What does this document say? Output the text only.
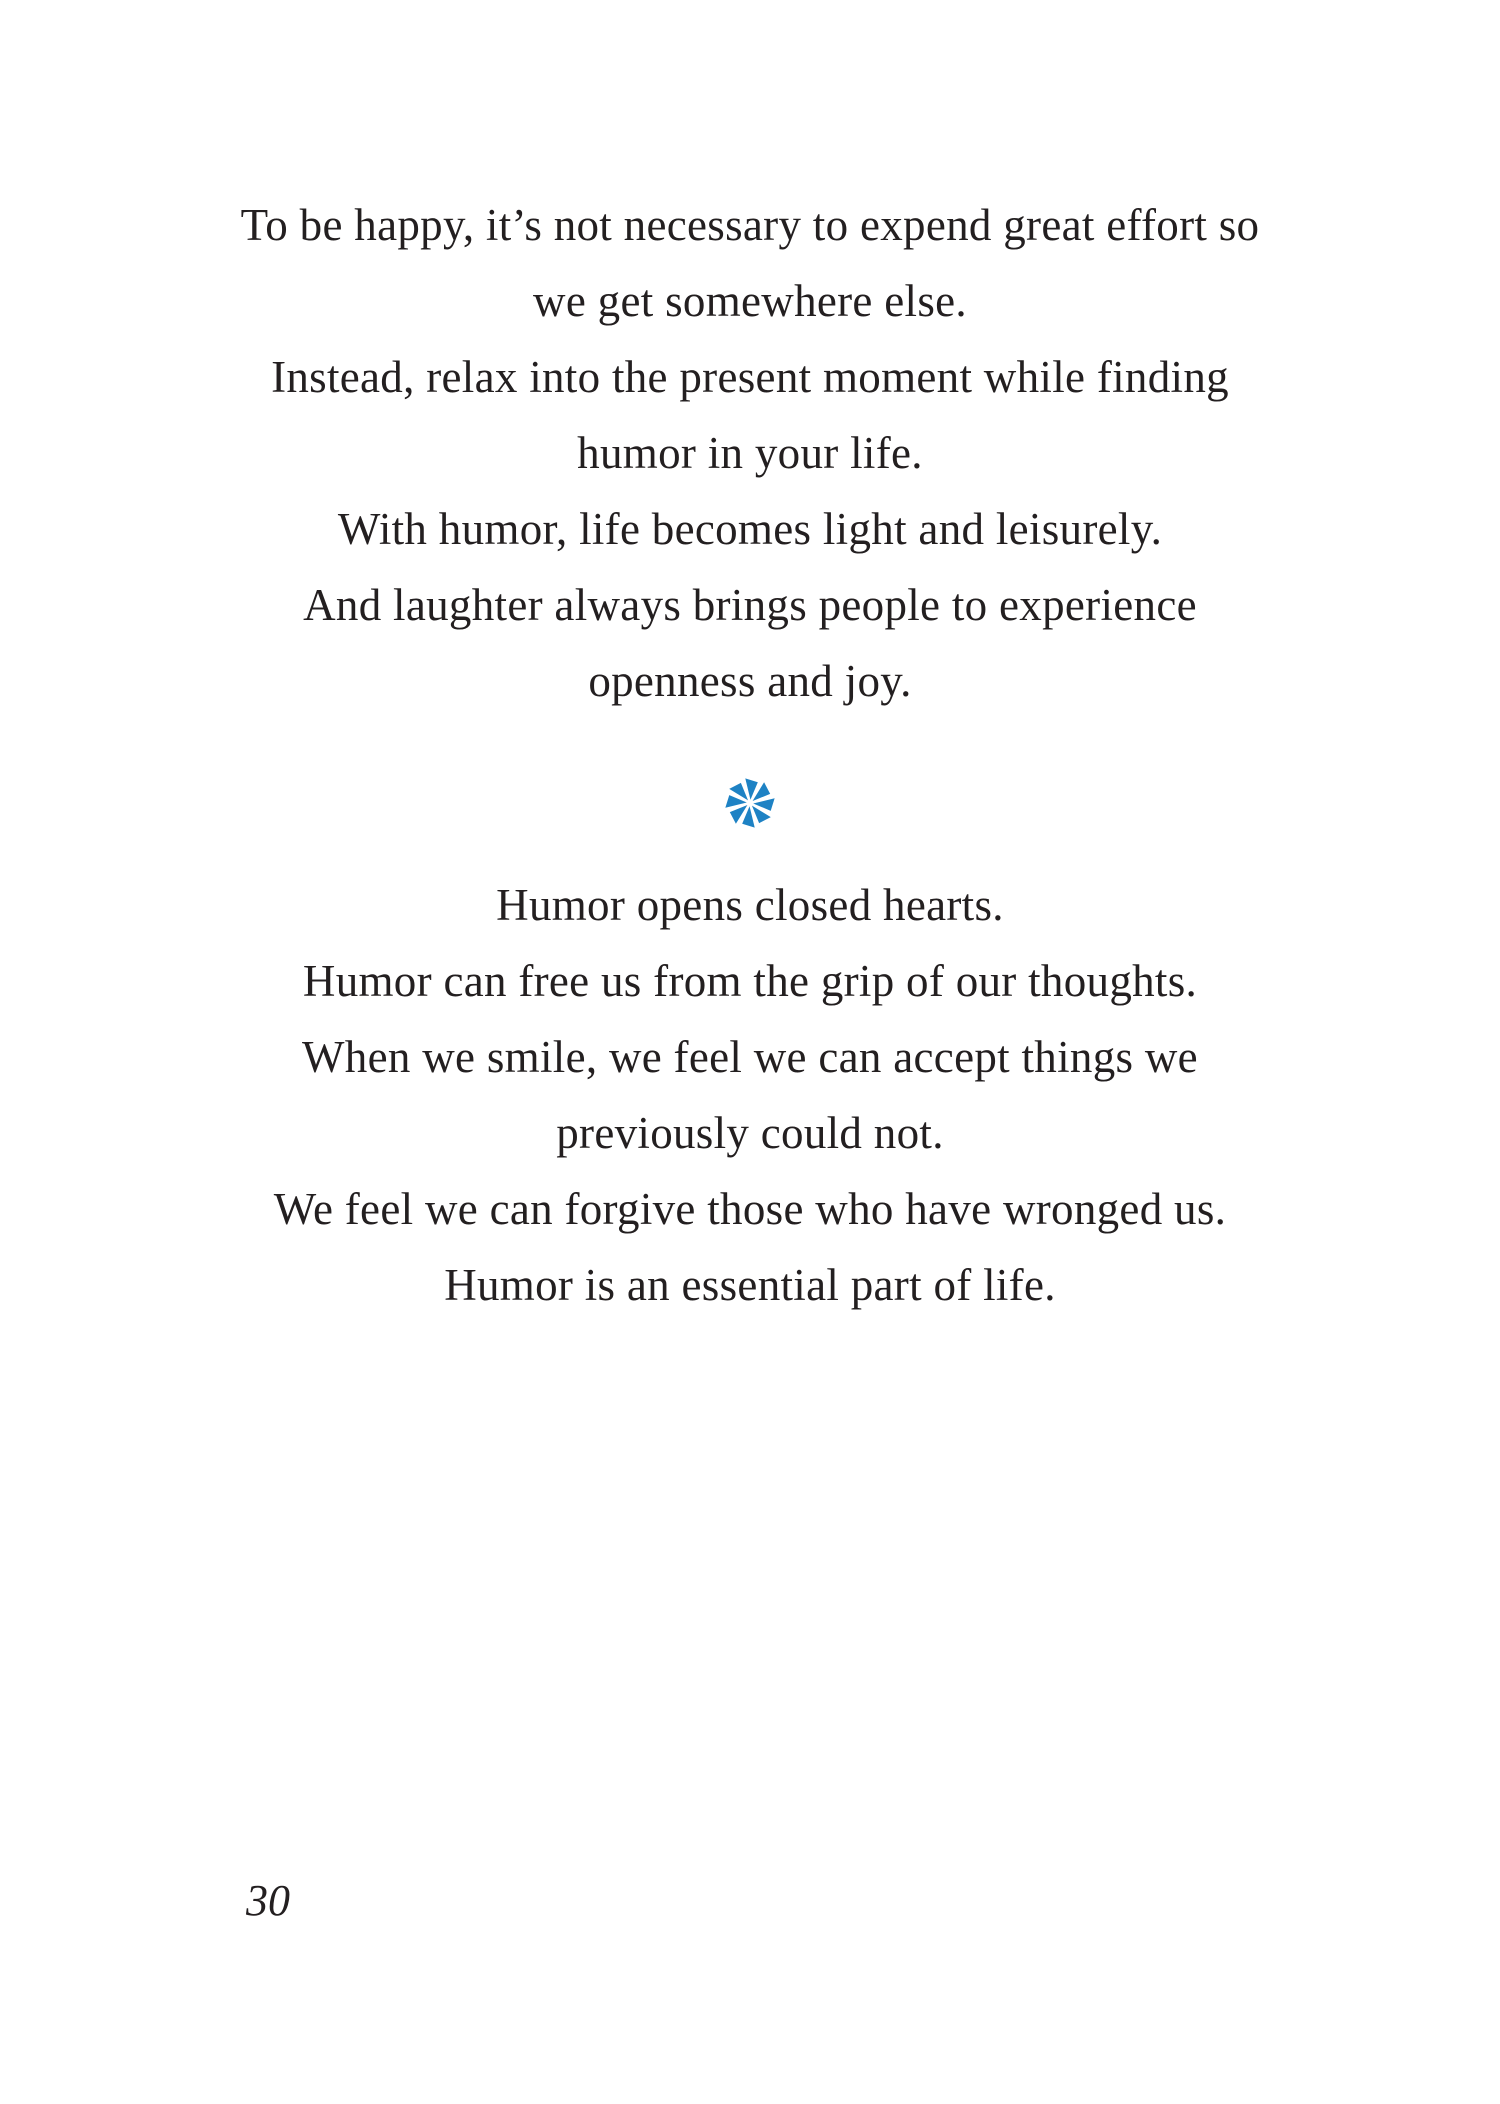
To be happy, it’s not necessary to expend great effort so
we get somewhere else.
Instead, relax into the present moment while finding
humor in your life.
With humor, life becomes light and leisurely.
And laughter always brings people to experience
openness and joy.
Humor opens closed hearts.
Humor can free us from the grip of our thoughts.
When we smile, we feel we can accept things we
previously could not.
We feel we can forgive those who have wronged us.
Humor is an essential part of life.
30
